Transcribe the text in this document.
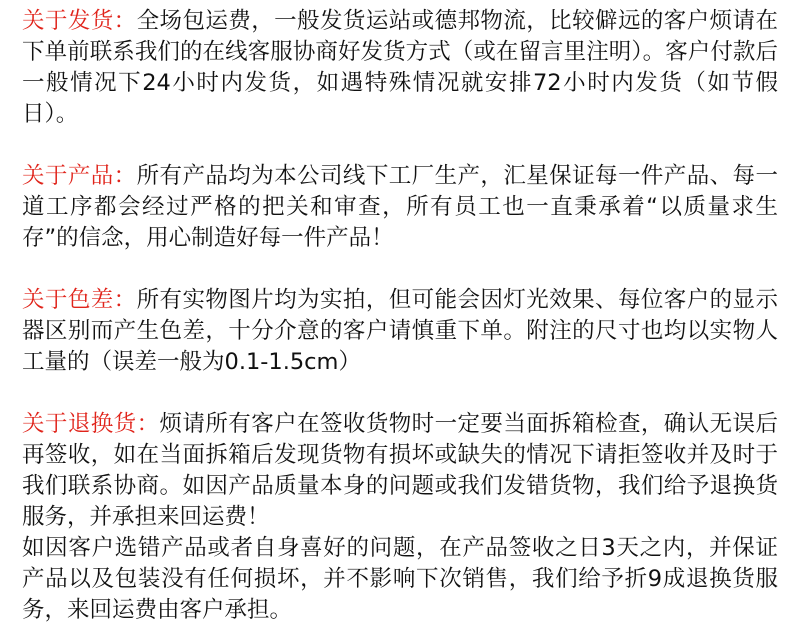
关于发货：全场包运费，一般发货运站或德邦物流，比较僻远的客户烦请在下单前联系我们的在线客服协商好发货方式（或在留言里注明）。客户付款后一般情况下24小时内发货，如遇特殊情况就安排72小时内发货（如节假日）。

关于产品：所有产品均为本公司线下工厂生产，汇星保证每一件产品、每一道工序都会经过严格的把关和审查，所有员工也一直秉承着“以质量求生存”的信念，用心制造好每一件产品！

关于色差：所有实物图片均为实拍，但可能会因灯光效果、每位客户的显示器区别而产生色差，十分介意的客户请慎重下单。附注的尺寸也均以实物人工量的（误差一般为0.1-1.5cm）

关于退换货：烦请所有客户在签收货物时一定要当面拆箱检查，确认无误后再签收，如在当面拆箱后发现货物有损坏或缺失的情况下请拒签收并及时于我们联系协商。如因产品质量本身的问题或我们发错货物，我们给予退换货服务，并承担来回运费！

如因客户选错产品或者自身喜好的问题，在产品签收之日3天之内，并保证产品以及包装没有任何损坏，并不影响下次销售，我们给予折9成退换货服务，来回运费由客户承担。
